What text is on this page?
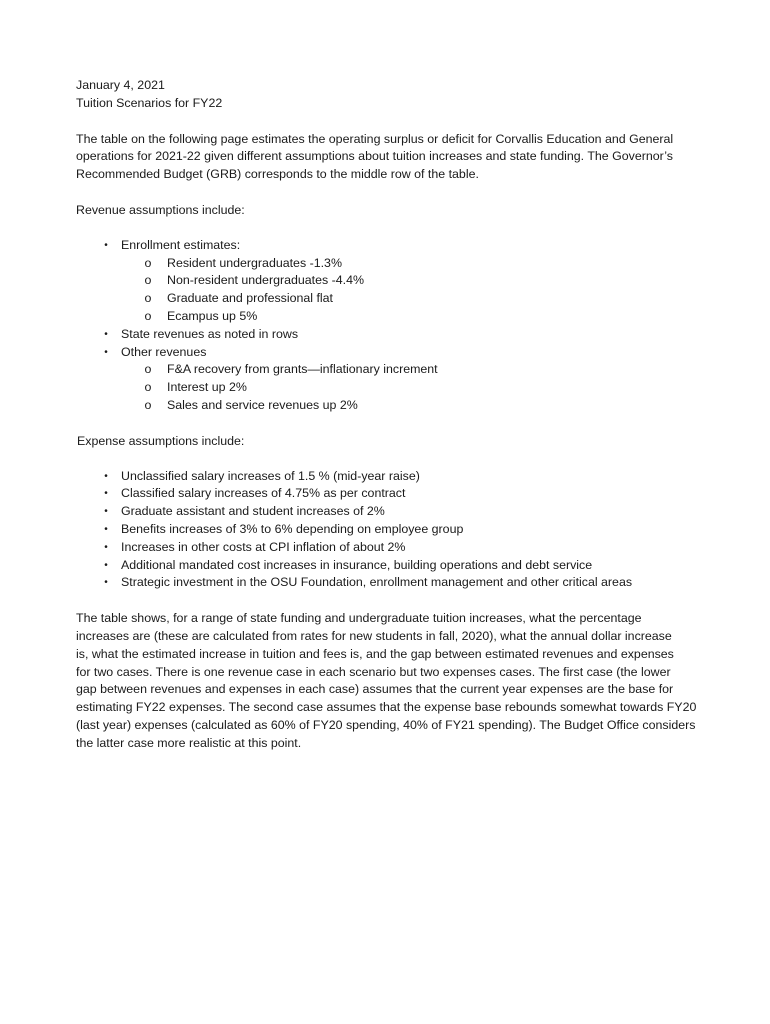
January 4, 2021
Tuition Scenarios for FY22
The table on the following page estimates the operating surplus or deficit for Corvallis Education and General
operations for 2021-22 given different assumptions about tuition increases and state funding. The Governor’s
Recommended Budget (GRB) corresponds to the middle row of the table.
Revenue assumptions include:
• Enrollment estimates:
o Resident undergraduates -1.3%
o Non-resident undergraduates -4.4%
o Graduate and professional flat
o Ecampus up 5%
• State revenues as noted in rows
• Other revenues
o F&A recovery from grants—inflationary increment
o Interest up 2%
o Sales and service revenues up 2%
Expense assumptions include:
• Unclassified salary increases of 1.5 % (mid-year raise)
• Classified salary increases of 4.75% as per contract
• Graduate assistant and student increases of 2%
• Benefits increases of 3% to 6% depending on employee group
• Increases in other costs at CPI inflation of about 2%
• Additional mandated cost increases in insurance, building operations and debt service
• Strategic investment in the OSU Foundation, enrollment management and other critical areas
The table shows, for a range of state funding and undergraduate tuition increases, what the percentage
increases are (these are calculated from rates for new students in fall, 2020), what the annual dollar increase
is, what the estimated increase in tuition and fees is, and the gap between estimated revenues and expenses
for two cases. There is one revenue case in each scenario but two expenses cases. The first case (the lower
gap between revenues and expenses in each case) assumes that the current year expenses are the base for
estimating FY22 expenses. The second case assumes that the expense base rebounds somewhat towards FY20
(last year) expenses (calculated as 60% of FY20 spending, 40% of FY21 spending). The Budget Office considers
the latter case more realistic at this point.
